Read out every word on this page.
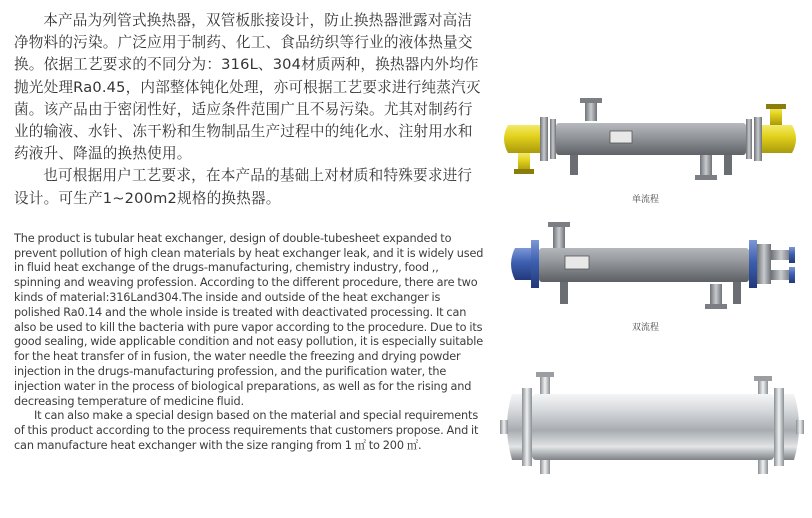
本产品为列管式换热器，双管板胀接设计，防止换热器泄露对高洁净物料的污染。广泛应用于制药、化工、食品纺织等行业的液体热量交换。依据工艺要求的不同分为：316L、304材质两种，换热器内外均作抛光处理Ra0.45，内部整体钝化处理，亦可根据工艺要求进行纯蒸汽灭菌。该产品由于密闭性好，适应条件范围广且不易污染。尤其对制药行业的输液、水针、冻干粉和生物制品生产过程中的纯化水、注射用水和药液升、降温的换热使用。

也可根据用户工艺要求，在本产品的基础上对材质和特殊要求进行设计。可生产1~200m2规格的换热器。

The product is tubular heat exchanger, design of double-tubesheet expanded to prevent pollution of high clean materials by heat exchanger leak, and it is widely used in fluid heat exchange of the drugs-manufacturing, chemistry industry, food ,, spinning and weaving profession. According to the different procedure, there are two kinds of material:316Land304.The inside and outside of the heat exchanger is polished Ra0.14 and the whole inside is treated with deactivated processing. It can also be used to kill the bacteria with pure vapor according to the procedure. Due to its good sealing, wide applicable condition and not easy pollution, it is especially suitable for the heat transfer of in fusion, the water needle the freezing and drying powder injection in the drugs-manufacturing profession, and the purification water, the injection water in the process of biological preparations, as well as for the rising and decreasing temperature of medicine fluid.

It can also make a special design based on the material and special requirements of this product according to the process requirements that customers propose. And it can manufacture heat exchanger with the size ranging from 1 ㎡ to 200 ㎡.

单流程
双流程
